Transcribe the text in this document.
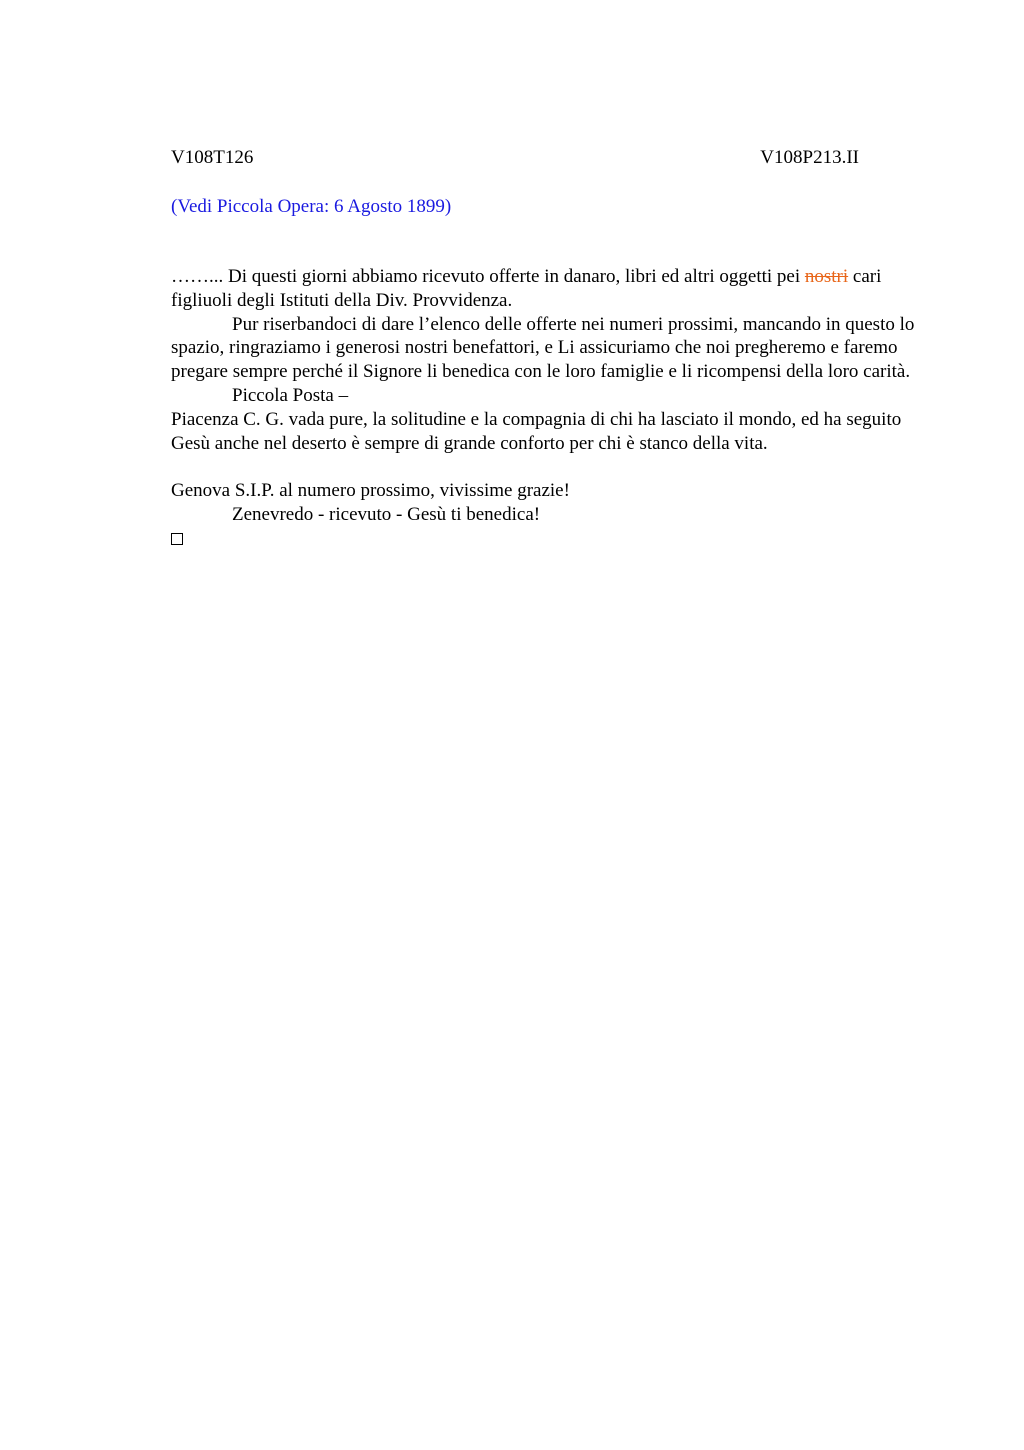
V108T126	V108P213.II
(Vedi Piccola Opera: 6 Agosto 1899)

……... Di questi giorni abbiamo ricevuto offerte in danaro, libri ed altri oggetti pei nostri cari figliuoli degli Istituti della Div. Provvidenza.

Pur riserbandoci di dare l’elenco delle offerte nei numeri prossimi, mancando in questo lo spazio, ringraziamo i generosi nostri benefattori, e Li assicuriamo che noi pregheremo e faremo pregare sempre perché il Signore li benedica con le loro famiglie e li ricompensi della loro carità.

Piccola Posta –

Piacenza C. G. vada pure, la solitudine e la compagnia di chi ha lasciato il mondo, ed ha seguito Gesù anche nel deserto è sempre di grande conforto per chi è stanco della vita.

Genova S.I.P. al numero prossimo, vivissime grazie!

Zenevredo - ricevuto - Gesù ti benedica!
